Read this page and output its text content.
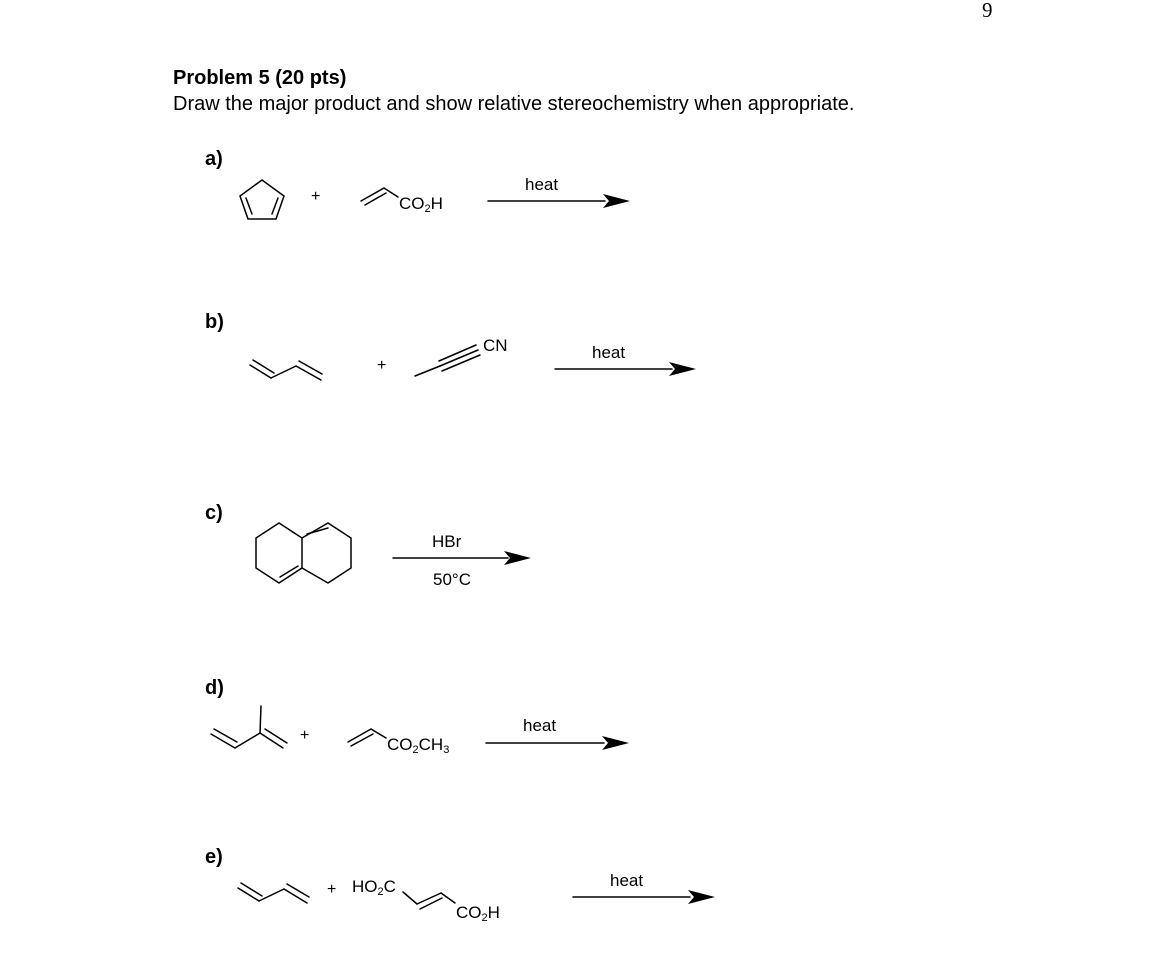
9
Problem 5 (20 pts)
Draw the major product and show relative stereochemistry when appropriate.
a)
b)
c)
d)
e)
+	$CO_2H$
heat
+
CN	heat
HBr
50°C
+	$CO_2CH_3$
heat
+ $HO_2C$
$CO_2H$
heat
